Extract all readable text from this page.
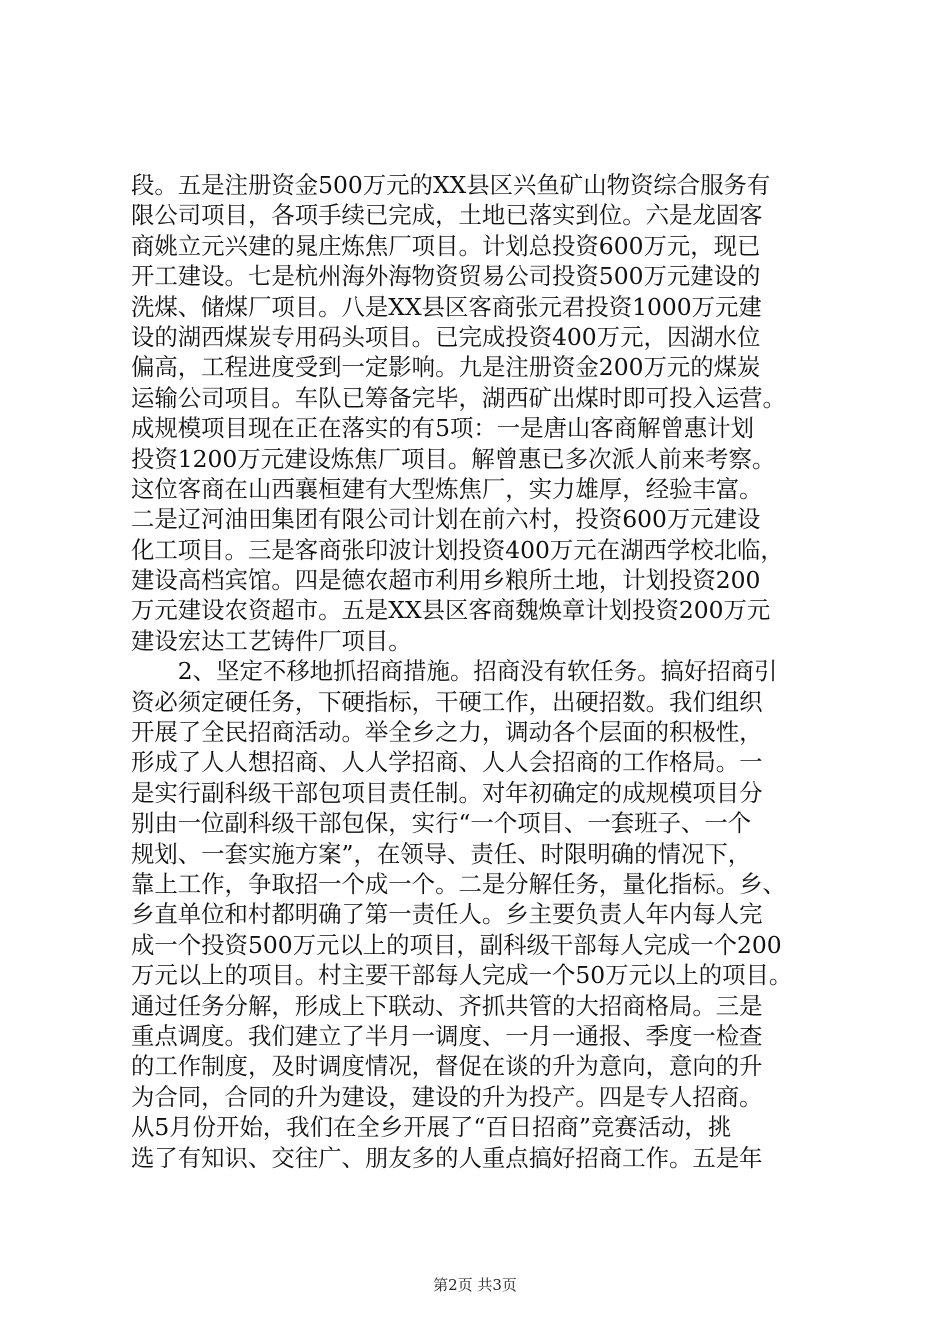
段。五是注册资金500万元的XX县区兴鱼矿山物资综合服务有
限公司项目，各项手续已完成，土地已落实到位。六是龙固客
商姚立元兴建的晁庄炼焦厂项目。计划总投资600万元，现已
开工建设。七是杭州海外海物资贸易公司投资500万元建设的
洗煤、储煤厂项目。八是XX县区客商张元君投资1000万元建
设的湖西煤炭专用码头项目。已完成投资400万元，因湖水位
偏高，工程进度受到一定影响。九是注册资金200万元的煤炭
运输公司项目。车队已筹备完毕，湖西矿出煤时即可投入运营。
成规模项目现在正在落实的有5项：一是唐山客商解曾惠计划
投资1200万元建设炼焦厂项目。解曾惠已多次派人前来考察。
这位客商在山西襄桓建有大型炼焦厂，实力雄厚，经验丰富。
二是辽河油田集团有限公司计划在前六村，投资600万元建设
化工项目。三是客商张印波计划投资400万元在湖西学校北临，
建设高档宾馆。四是德农超市利用乡粮所土地，计划投资200
万元建设农资超市。五是XX县区客商魏焕章计划投资200万元
建设宏达工艺铸件厂项目。
　　2、坚定不移地抓招商措施。招商没有软任务。搞好招商引
资必须定硬任务，下硬指标，干硬工作，出硬招数。我们组织
开展了全民招商活动。举全乡之力，调动各个层面的积极性，
形成了人人想招商、人人学招商、人人会招商的工作格局。一
是实行副科级干部包项目责任制。对年初确定的成规模项目分
别由一位副科级干部包保，实行“一个项目、一套班子、一个
规划、一套实施方案”，在领导、责任、时限明确的情况下，
靠上工作，争取招一个成一个。二是分解任务，量化指标。乡、
乡直单位和村都明确了第一责任人。乡主要负责人年内每人完
成一个投资500万元以上的项目，副科级干部每人完成一个200
万元以上的项目。村主要干部每人完成一个50万元以上的项目。
通过任务分解，形成上下联动、齐抓共管的大招商格局。三是
重点调度。我们建立了半月一调度、一月一通报、季度一检查
的工作制度，及时调度情况，督促在谈的升为意向，意向的升
为合同，合同的升为建设，建设的升为投产。四是专人招商。
从5月份开始，我们在全乡开展了“百日招商”竞赛活动，挑
选了有知识、交往广、朋友多的人重点搞好招商工作。五是年
第2页 共3页
